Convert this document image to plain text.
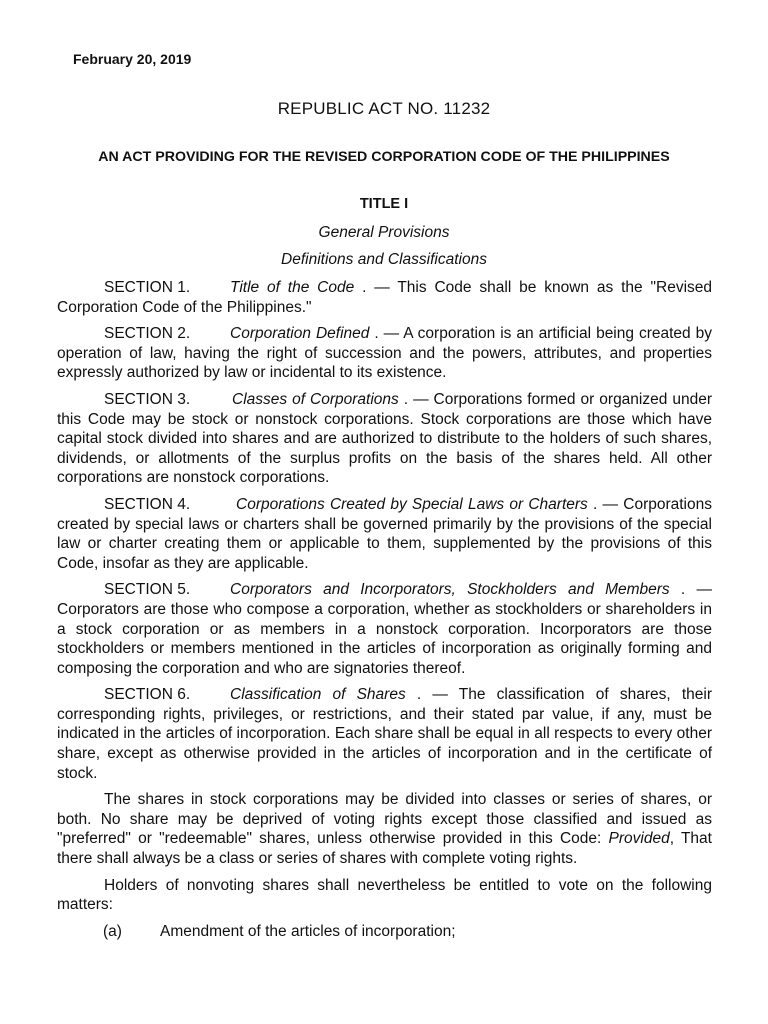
February 20, 2019
REPUBLIC ACT NO. 11232
AN ACT PROVIDING FOR THE REVISED CORPORATION CODE OF THE PHILIPPINES
TITLE I
General Provisions
Definitions and Classifications

SECTION 1.	Title of the Code . — This Code shall be known as the "Revised Corporation Code of the Philippines."

SECTION 2.	Corporation Defined . — A corporation is an artificial being created by operation of law, having the right of succession and the powers, attributes, and properties expressly authorized by law or incidental to its existence.

SECTION 3.	Classes of Corporations . — Corporations formed or organized under this Code may be stock or nonstock corporations. Stock corporations are those which have capital stock divided into shares and are authorized to distribute to the holders of such shares, dividends, or allotments of the surplus profits on the basis of the shares held. All other corporations are nonstock corporations.

SECTION 4.	Corporations Created by Special Laws or Charters . — Corporations created by special laws or charters shall be governed primarily by the provisions of the special law or charter creating them or applicable to them, supplemented by the provisions of this Code, insofar as they are applicable.

SECTION 5.	Corporators and Incorporators, Stockholders and Members . — Corporators are those who compose a corporation, whether as stockholders or shareholders in a stock corporation or as members in a nonstock corporation. Incorporators are those stockholders or members mentioned in the articles of incorporation as originally forming and composing the corporation and who are signatories thereof.

SECTION 6.	Classification of Shares . — The classification of shares, their corresponding rights, privileges, or restrictions, and their stated par value, if any, must be indicated in the articles of incorporation. Each share shall be equal in all respects to every other share, except as otherwise provided in the articles of incorporation and in the certificate of stock.

The shares in stock corporations may be divided into classes or series of shares, or both. No share may be deprived of voting rights except those classified and issued as "preferred" or "redeemable" shares, unless otherwise provided in this Code: Provided, That there shall always be a class or series of shares with complete voting rights.

Holders of nonvoting shares shall nevertheless be entitled to vote on the following matters:

(a) Amendment of the articles of incorporation;
